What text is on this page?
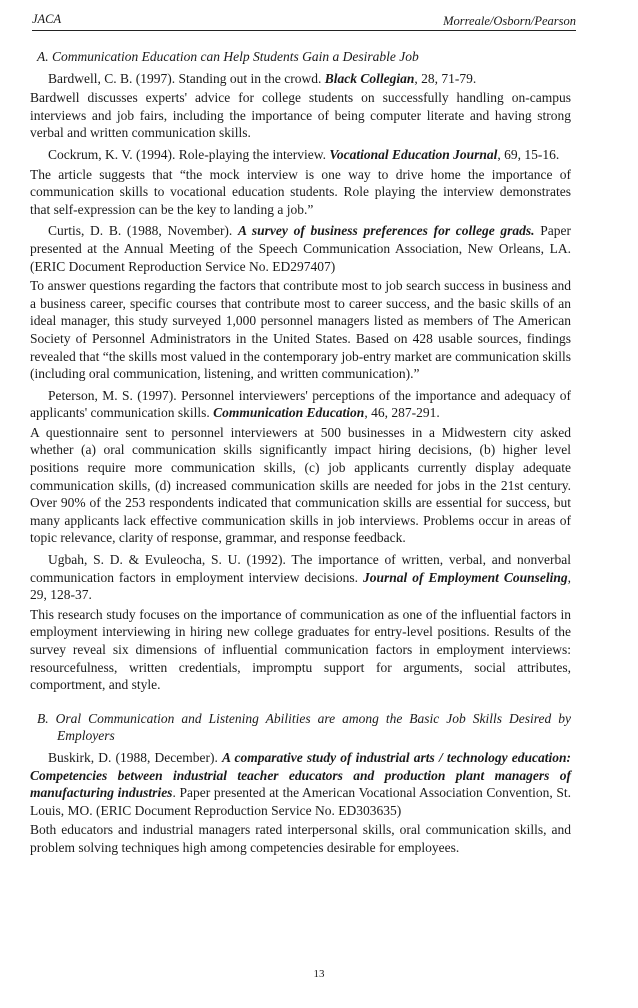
JACA	Morreale/Osborn/Pearson

A. Communication Education can Help Students Gain a Desirable Job

Bardwell, C. B. (1997). Standing out in the crowd. Black Collegian, 28, 71-79.

Bardwell discusses experts' advice for college students on successfully handling on-campus interviews and job fairs, including the importance of being computer literate and having strong verbal and written communication skills.

Cockrum, K. V. (1994). Role-playing the interview. Vocational Education Journal, 69, 15-16.

The article suggests that “the mock interview is one way to drive home the importance of communication skills to vocational education students. Role playing the interview demonstrates that self-expression can be the key to landing a job.”

Curtis, D. B. (1988, November). A survey of business preferences for college grads. Paper presented at the Annual Meeting of the Speech Communication Association, New Orleans, LA. (ERIC Document Reproduction Service No. ED297407)

To answer questions regarding the factors that contribute most to job search success in business and a business career, specific courses that contribute most to career success, and the basic skills of an ideal manager, this study surveyed 1,000 personnel managers listed as members of The American Society of Personnel Administrators in the United States. Based on 428 usable sources, findings revealed that “the skills most valued in the contemporary job-entry market are communication skills (including oral communication, listening, and written communication).”

Peterson, M. S. (1997). Personnel interviewers' perceptions of the importance and adequacy of applicants' communication skills. Communication Education, 46, 287-291.

A questionnaire sent to personnel interviewers at 500 businesses in a Midwestern city asked whether (a) oral communication skills significantly impact hiring decisions, (b) higher level positions require more communication skills, (c) job applicants currently display adequate communication skills, (d) increased communication skills are needed for jobs in the 21st century. Over 90% of the 253 respondents indicated that communication skills are essential for success, but many applicants lack effective communication skills in job interviews. Problems occur in areas of topic relevance, clarity of response, grammar, and response feedback.

Ugbah, S. D. & Evuleocha, S. U. (1992). The importance of written, verbal, and nonverbal communication factors in employment interview decisions. Journal of Employment Counseling, 29, 128-37.

This research study focuses on the importance of communication as one of the influential factors in employment interviewing in hiring new college graduates for entry-level positions. Results of the survey reveal six dimensions of influential communication factors in employment interviews: resourcefulness, written credentials, impromptu support for arguments, social attributes, comportment, and style.

B. Oral Communication and Listening Abilities are among the Basic Job Skills Desired by Employers

Buskirk, D. (1988, December). A comparative study of industrial arts / technology education: Competencies between industrial teacher educators and production plant managers of manufacturing industries. Paper presented at the American Vocational Association Convention, St. Louis, MO. (ERIC Document Reproduction Service No. ED303635)

Both educators and industrial managers rated interpersonal skills, oral communication skills, and problem solving techniques high among competencies desirable for employees.

13
